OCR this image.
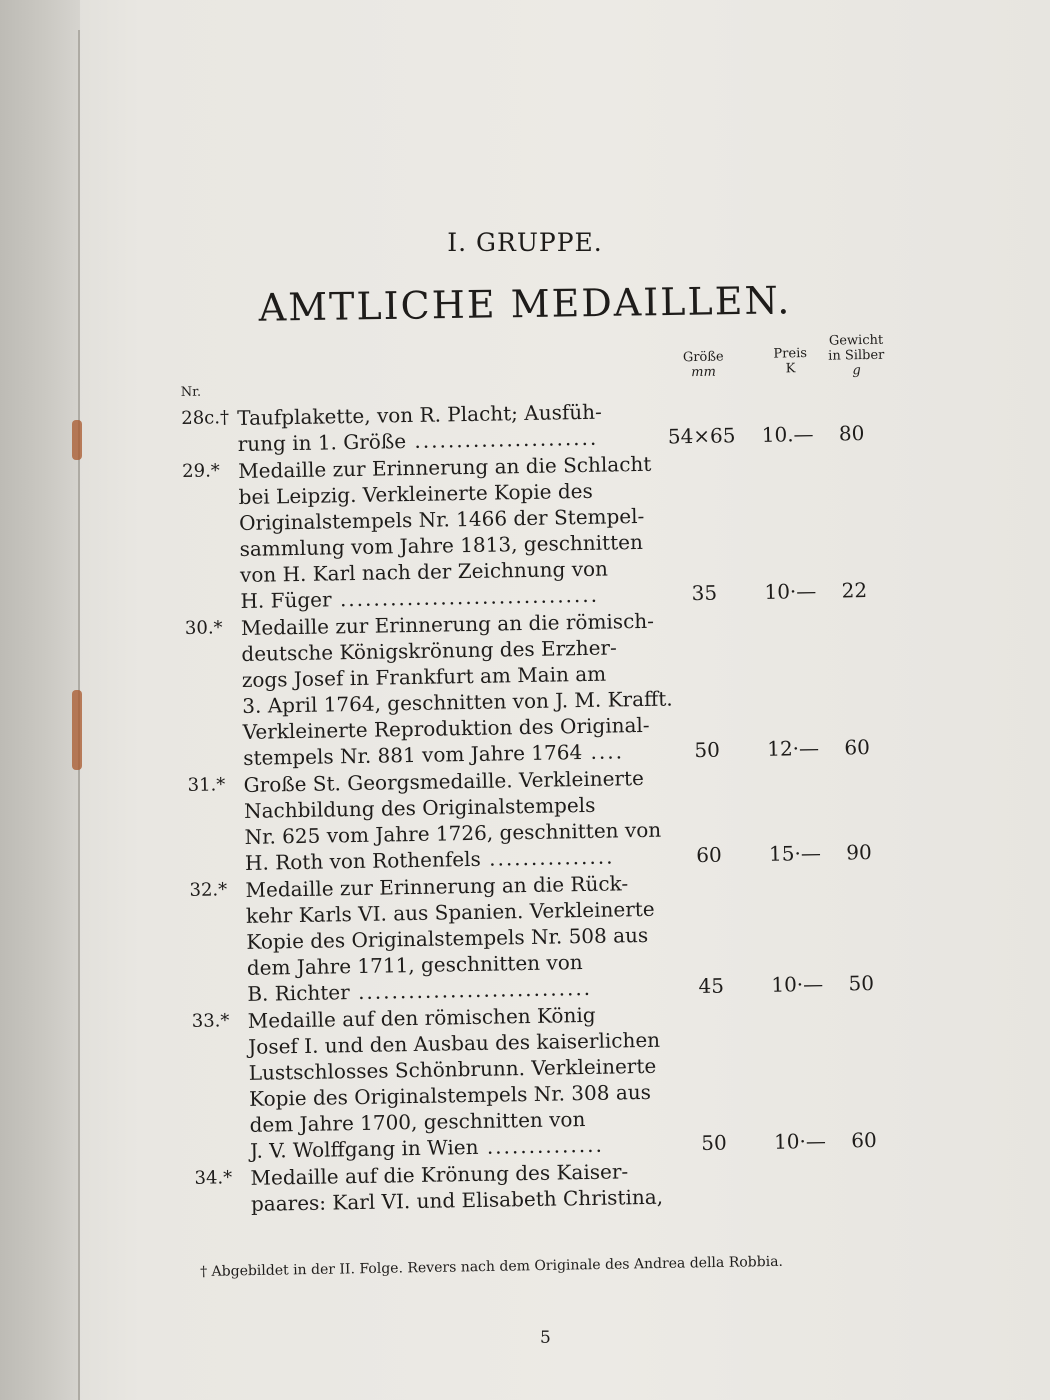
I. GRUPPE.
AMTLICHE MEDAILLEN.
Nr.
Größe
mm
Preis
K
Gewicht
in Silber
g
28c.† Taufplakette, von R. Placht; Ausfüh-
rung in 1. Größe ......................	54×65	10.—	80
29.* Medaille zur Erinnerung an die Schlacht
bei Leipzig. Verkleinerte Kopie des
Originalstempels Nr. 1466 der Stempel-
sammlung vom Jahre 1813, geschnitten
von H. Karl nach der Zeichnung von
H. Füger ...............................	35	10·—	22
30.* Medaille zur Erinnerung an die römisch-
deutsche Königskrönung des Erzher-
zogs Josef in Frankfurt am Main am
3. April 1764, geschnitten von J. M. Krafft.
Verkleinerte Reproduktion des Original-
stempels Nr. 881 vom Jahre 1764 ....	50	12·—	60
31.* Große St. Georgsmedaille. Verkleinerte
Nachbildung des Originalstempels
Nr. 625 vom Jahre 1726, geschnitten von
H. Roth von Rothenfels ...............	60	15·—	90
32.* Medaille zur Erinnerung an die Rück-
kehr Karls VI. aus Spanien. Verkleinerte
Kopie des Originalstempels Nr. 508 aus
dem Jahre 1711, geschnitten von
B. Richter ............................	45	10·—	50
33.* Medaille auf den römischen König
Josef I. und den Ausbau des kaiserlichen
Lustschlosses Schönbrunn. Verkleinerte
Kopie des Originalstempels Nr. 308 aus
dem Jahre 1700, geschnitten von
J. V. Wolffgang in Wien ..............	50	10·—	60
34.* Medaille auf die Krönung des Kaiser-
paares: Karl VI. und Elisabeth Christina,
† Abgebildet in der II. Folge. Revers nach dem Originale des Andrea della Robbia.
5
